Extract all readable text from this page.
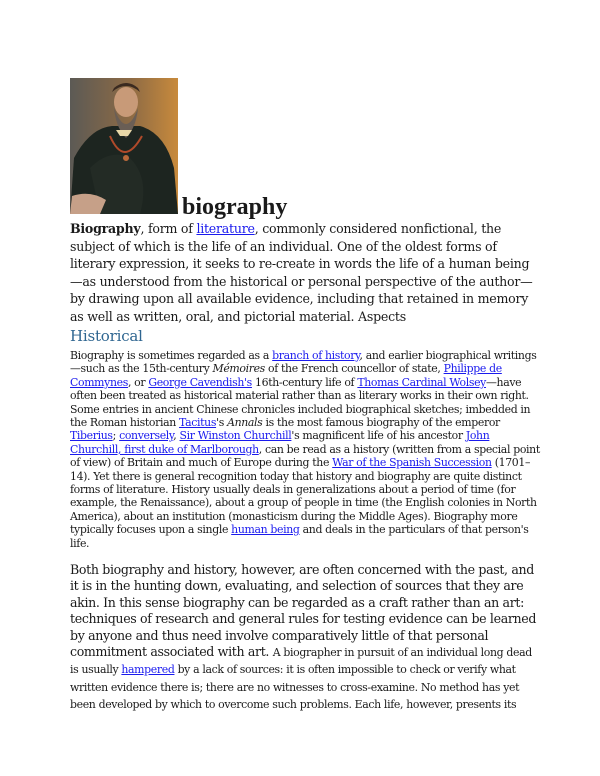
biography
Biography, form of literature, commonly considered nonfictional, the subject of which is the life of an individual. One of the oldest forms of literary expression, it seeks to re-create in words the life of a human being—as understood from the historical or personal perspective of the author—by drawing upon all available evidence, including that retained in memory as well as written, oral, and pictorial material. Aspects
Historical
Biography is sometimes regarded as a branch of history, and earlier biographical writings—such as the 15th-century Mémoires of the French councellor of state, Philippe de Commynes, or George Cavendish's 16th-century life of Thomas Cardinal Wolsey—have often been treated as historical material rather than as literary works in their own right. Some entries in ancient Chinese chronicles included biographical sketches; imbedded in the Roman historian Tacitus's Annals is the most famous biography of the emperor Tiberius; conversely, Sir Winston Churchill's magnificent life of his ancestor John Churchill, first duke of Marlborough, can be read as a history (written from a special point of view) of Britain and much of Europe during the War of the Spanish Succession (1701–14). Yet there is general recognition today that history and biography are quite distinct forms of literature. History usually deals in generalizations about a period of time (for example, the Renaissance), about a group of people in time (the English colonies in North America), about an institution (monasticism during the Middle Ages). Biography more typically focuses upon a single human being and deals in the particulars of that person's life.
Both biography and history, however, are often concerned with the past, and it is in the hunting down, evaluating, and selection of sources that they are akin. In this sense biography can be regarded as a craft rather than an art: techniques of research and general rules for testing evidence can be learned by anyone and thus need involve comparatively little of that personal commitment associated with art. A biographer in pursuit of an individual long dead is usually hampered by a lack of sources: it is often impossible to check or verify what written evidence there is; there are no witnesses to cross-examine. No method has yet been developed by which to overcome such problems. Each life, however, presents its
